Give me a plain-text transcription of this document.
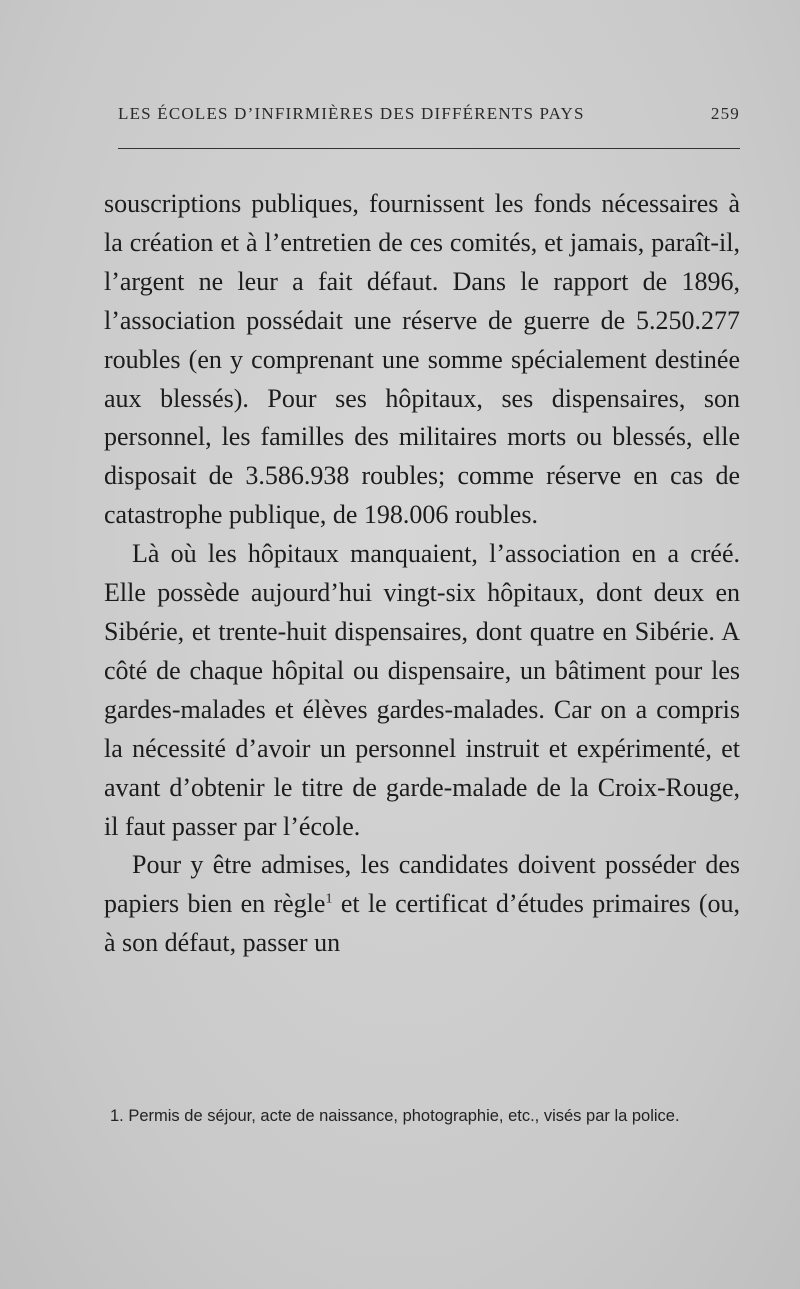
LES ÉCOLES D’INFIRMIÈRES DES DIFFÉRENTS PAYS	259

souscriptions publiques, fournissent les fonds nécessaires à la création et à l’entretien de ces comités, et jamais, paraît-il, l’argent ne leur a fait défaut. Dans le rapport de 1896, l’association possédait une réserve de guerre de 5.250.277 roubles (en y comprenant une somme spécialement destinée aux blessés). Pour ses hôpitaux, ses dispensaires, son personnel, les familles des militaires morts ou blessés, elle disposait de 3.586.938 roubles; comme réserve en cas de catastrophe publique, de 198.006 roubles.

Là où les hôpitaux manquaient, l’association en a créé. Elle possède aujourd’hui vingt-six hôpitaux, dont deux en Sibérie, et trente-huit dispensaires, dont quatre en Sibérie. A côté de chaque hôpital ou dispensaire, un bâtiment pour les gardes-malades et élèves gardes-malades. Car on a compris la nécessité d’avoir un personnel instruit et expérimenté, et avant d’obtenir le titre de garde-malade de la Croix-Rouge, il faut passer par l’école.

Pour y être admises, les candidates doivent posséder des papiers bien en règle$^1$ et le certificat d’études primaires (ou, à son défaut, passer un

1. Permis de séjour, acte de naissance, photographie, etc., visés par la police.
